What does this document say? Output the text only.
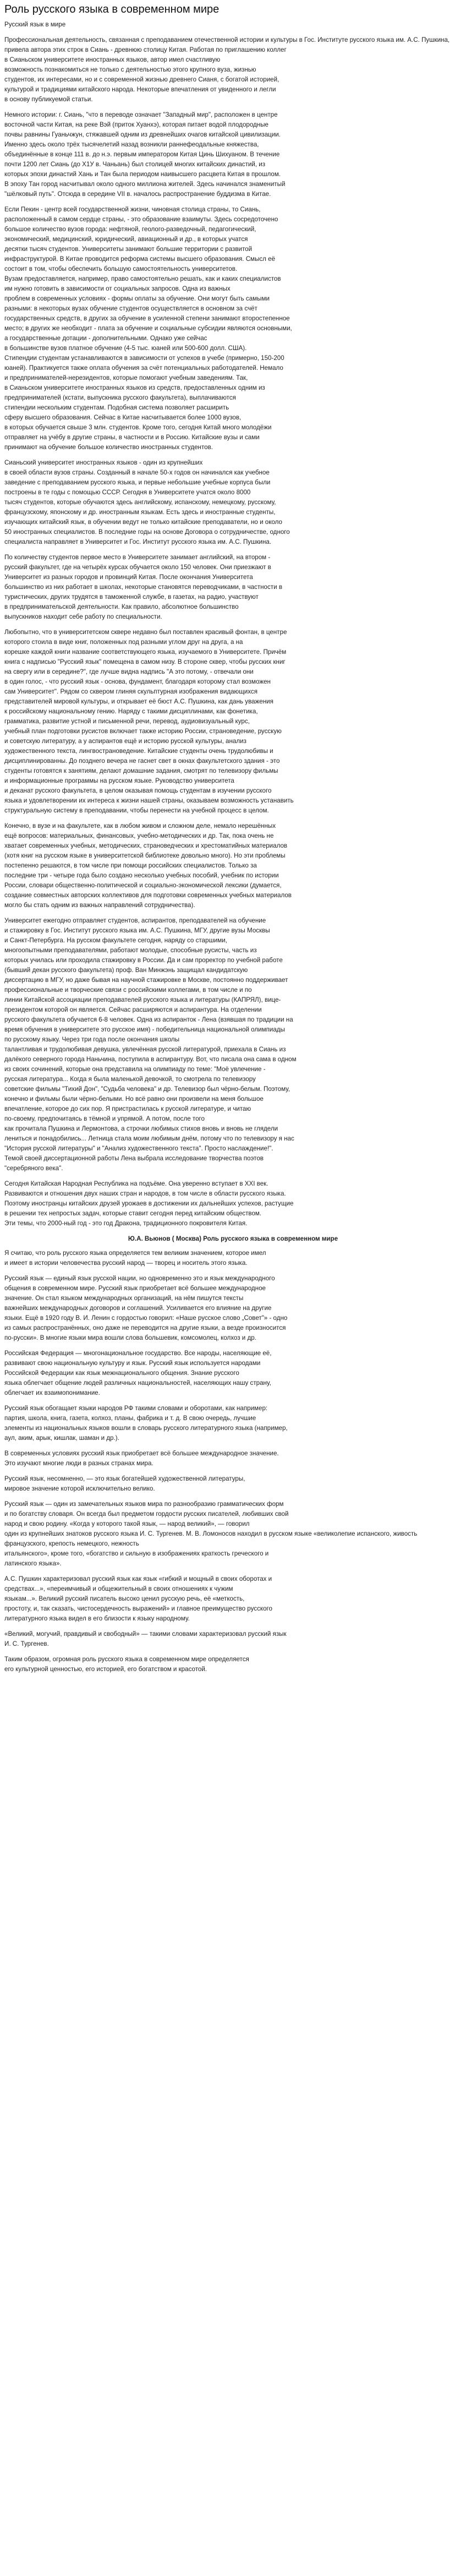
Роль русского языка в современном мире
Русский язык в мире

Профессиональная деятельность, связанная с преподаванием отечественной истории и культуры в Гос. Институте русского языка им. А.С. Пушкина, привела автора этих строк в Сиань - древнюю столицу Китая. Работая по приглашению коллег
в Сианьском университете иностранных языков, автор имел счастливую
возможность познакомиться не только с деятельностью этого крупного вуза, жизнью
студентов, их интересами, но и с современной жизнью древнего Сианя, с богатой историей,
культурой и традициями китайского народа. Некоторые впечатления от увиденного и легли
в основу публикуемой статьи.

Немного истории: г. Сиань, "что в переводе означает "Западный мир", расположен в центре
восточной части Китая, на реке Вэй (приток Хуанхэ), которая питает водой плодородные
почвы равнины Гуаньчжун, стяжавшей одним из древнейших очагов китайской цивилизации.
Именно здесь около трёх тысячелетий назад возникли раннефеодальные княжества,
объединённые в конце 111 в. до н.э. первым императором Китая Цинь Шихуаном. В течение
почти 1200 лет Сиань (до X1У в. Чаньань) был столицей многих китайских династий, из
которых эпохи династий Хань и Тан была периодом наивысшего расцвета Китая в прошлом.
В эпоху Тан город насчитывал около одного миллиона жителей. Здесь начинался знаменитый
"шёлковый путь". Отсюда в середине VII в. началось распространение буддизма в Китае.

Если Пекин - центр всей государственной жизни, чиновная столица страны, то Сиань,
расположенный в самом сердце страны, - это образование взаимуты. Здесь сосредоточено
большое количество вузов города: нефтяной, геолого-разведочный, педагогический,
экономический, медицинский, юридический, авиационный и др., в которых учатся
десятки тысяч студентов. Университеты занимают большие территории с развитой
инфраструктурой. В Китае проводится реформа системы высшего образования. Смысл её
состоит в том, чтобы обеспечить большую самостоятельность университетов.
Вузам предоставляется, например, право самостоятельно решать, как и каких специалистов
им нужно готовить в зависимости от социальных запросов. Одна из важных
проблем в современных условиях - формы оплаты за обучение. Они могут быть самыми
разными: в некоторых вузах обучение студентов осуществляется в основном за счёт
государственных средств, в других за обучение в усиленной степени занимают второстепенное
место; в других же необходит - плата за обучение и социальные субсидии являются основными,
а государственные дотации - дополнительными. Однако уже сейчас
в большинстве вузов платное обучение (4-5 тыс. юаней или 500-600 долл. США).
Стипендии студентам устанавливаются в зависимости от успехов в учебе (примерно, 150-200
юаней). Практикуется также оплата обучения за счёт потенциальных работодателей. Немало
и предпринимателей-нерезидентов, которые помогают учебным заведениям. Так,
в Сианьском университете иностранных языков из средств, предоставленных одним из
предпринимателей (кстати, выпускника русского факультета), выплачиваются
стипендии нескольким студентам. Подобная система позволяет расширить
сферу высшего образования. Сейчас в Китае насчитывается более 1000 вузов,
в которых обучается свыше 3 млн. студентов. Кроме того, сегодня Китай много молодёжи
отправляет на учёбу в другие страны, в частности и в Россию. Китайские вузы и сами
принимают на обучение большое количество иностранных студентов.

Сианьский университет иностранных языков - один из крупнейших
в своей области вузов страны. Созданный в начале 50-х годов он начинался как учебное
заведение с преподаванием русского языка, и первые небольшие учебные корпуса были
построены в те годы с помощью СССР. Сегодня в Университете учатся около 8000
тысяч студентов, которые обучаются здесь английскому, испанскому, немецкому, русскому,
французскому, японскому и др. иностранным языкам. Есть здесь и иностранные студенты,
изучающих китайский язык, в обучении ведут не только китайские преподаватели, но и около
50 иностранных специалистов. В последние годы на основе Договора о сотрудничестве, одного
специалиста направляет в Университет и Гос. Институт русского языка им. А.С. Пушкина.

По количеству студентов первое место в Университете занимает английский, на втором -
русский факультет, где на четырёх курсах обучается около 150 человек. Они приезжают в
Университет из разных городов и провинций Китая. После окончания Университета
большинство из них работает в школах, некоторые становятся переводчиками, в частности в
туристических, других трудятся в таможенной службе, в газетах, на радио, участвуют
в предпринимательской деятельности. Как правило, абсолютное большинство
выпускников находит себе работу по специальности.

Любопытно, что в университетском сквере недавно был поставлен красивый фонтан, в центре
которого стоила в виде книг, положенных под разными углом друг на друга, а на
корешке каждой книги название соответствующего языка, изучаемого в Университете. Причём
книга с надписью "Русский язык" помещена в самом низу. В стороне сквер, чтобы русских книг
на свергу или в середине?", где лучше видна надпись "А это потому, - отвечали они
в один голос, - что русский язык - основа, фундамент, благодаря которому стал возможен
сам Университет". Рядом со сквером глиняя скульптурная изображения видающихся
представителей мировой культуры, и открывает её бюст А.С. Пушкина, как дань уважения
к российскому национальному гению. Наряду с такими дисциплинами, как фонетика,
грамматика, развитие устной и письменной речи, перевод, аудиовизуальный курс,
учебный план подготовки русистов включает также историю России, страноведение, русскую
и советскую литературу, а у аспирантов ещё и историю русской культуры, анализ
художественного текста, лингвострановедение. Китайские студенты очень трудолюбивы и
дисциплинированны. До позднего вечера не гаснет свет в окнах факультетского здания - это
студенты готовятся к занятиям, делают домашние задания, смотрят по телевизору фильмы
и информационные программы на русском языке. Руководство университета
и деканат русского факультета, в целом оказывая помощь студентам в изучении русского
языка и удовлетворении их интереса к жизни нашей страны, оказываем возможность устанавить
структуральную систему в преподавании, чтобы перенести на учебной процесс в целом.

Конечно, в вузе и на факультете, как в любом живом и сложном деле, немало нерешённых
ещё вопросов: материальных, финансовых, учебно-методических и др. Так, пока очень не
хватает современных учебных, методических, страноведческих и хрестоматийных материалов
(хотя книг на русском языке в университетской библиотеке довольно много). Но эти проблемы
постепенно решаются, в том числе при помощи российских специалистов. Только за
последние три - четыре года было создано несколько учебных пособий, учебник по истории
России, словари общественно-политической и социально-экономической лексики (думается,
создание совместных авторских коллективов для подготовки современных учебных материалов
могло бы стать одним из важных направлений сотрудничества).

Университет ежегодно отправляет студентов, аспирантов, преподавателей на обучение
и стажировку в Гос. Институт русского языка им. А.С. Пушкина, МГУ, другие вузы Москвы
и Санкт-Петербурга. На русском факультете сегодня, наряду со старшими,
многоопытными преподавателями, работают молодые, способные русисты, часть из
которых училась или проходила стажировку в России. Да и сам проректор по учебной работе
(бывший декан русского факультета) проф. Ван Минжэнь защищал кандидатскую
диссертацию в МГУ, но даже бывая на научной стажировке в Москве, постоянно поддерживает
профессиональные и творческие связи с российскими коллегами, в том числе и по
линии Китайской ассоциации преподавателей русского языка и литературы (КАПРЯЛ), вице-
президентом которой он является. Сейчас расширяются и аспирантура. На отделении
русского факультета обучается 6-8 человек. Одна из аспиранток - Лена (взявшая по традиции на
время обучения в университете это русское имя) - победительница национальной олимпиады
по русскому языку. Через три года после окончания школы
талантливая и трудолюбивая девушка, увлечённая русской литературой, приехала в Сиань из
далёкого северного города Наньчина, поступила в аспирантуру. Вот, что писала она сама в одном
из своих сочинений, которые она представила на олимпиаду по теме: "Моё увлечение -
русская литература... Когда я была маленькой девочкой, то смотрела по телевизору
советские фильмы "Тихий Дон", "Судьба человека" и др. Телевизор был чёрно-белым. Поэтому,
конечно и фильмы были чёрно-белыми. Но всё равно они произвели на меня большое
впечатление, которое до сих пор. Я пристрастилась к русской литературе, и читаю
по-своему, предпочитаясь в тёмной и упрямой. А потом, после того
как прочитала Пушкина и Лермонтова, а строчки любимых стихов вновь и вновь не глядели
лениться и понадобились... Летница стала моим любимым днём, потому что по телевизору я нас
"История русской литературы" и "Анализ художественного текста". Просто наслаждение!".
Темой своей диссертационной работы Лена выбрала исследование творчества поэтов
"серебряного века".

Сегодня Китайская Народная Республика на подъёме. Она уверенно вступает в XXI век.
Развиваются и отношения двух наших стран и народов, в том числе в области русского языка.
Поэтому иностранцы китайских друзей урожаев в достижении их дальнейших успехов, растущие
в решении тех непростых задач, которые ставит сегодня перед китайским обществом.
Эти темы, что 2000-ный год - это год Дракона, традиционного покровителя Китая.

Ю.А. Вьюнов ( Москва) Роль русского языка в современном мире

Я считаю, что роль русского языка определяется тем великим значением, которое имел
и имеет в истории человечества русский народ — творец и носитель этого языка.

Русский язык — единый язык русской нации, но одновременно это и язык международного
общения в современном мире. Русский язык приобретает всё большее международное
значение. Он стал языком международных организаций, на нём пишутся тексты
важнейших международных договоров и соглашений. Усиливается его влияние на другие
языки. Ещё в 1920 году В. И. Ленин с гордостью говорил: «Наше русское слово „Совет"» - одно
из самых распространённых, оно даже не переводится на другие языки, а везде произносится
по-русски». В многие языки мира вошли слова большевик, комсомолец, колхоз и др.

Российская Федерация — многонациональное государство. Все народы, населяющие её,
развивают свою национальную культуру и язык. Русский язык используется народами
Российской Федерации как язык межнационального общения. Знание русского
языка облегчает общение людей различных национальностей, населяющих нашу страну,
облегчает их взаимопонимание.

Русский язык обогащает языки народов РФ такими словами и оборотами, как например:
партия, школа, книга, газета, колхоз, планы, фабрика и т. д. В свою очередь, лучшие
элементы из национальных языков вошли в словарь русского литературного языка (например,
аул, аким, арык, кишлак, шаман и др.).

В современных условиях русский язык приобретает всё большее международное значение.
Это изучают многие люди в разных странах мира.

Русский язык, несомненно, — это язык богатейшей художественной литературы,
мировое значение которой исключительно велико.

Русский язык — один из замечательных языков мира по разнообразию грамматических форм
и по богатству словаря. Он всегда был предметом гордости русских писателей, любивших свой
народ и свою родину. «Когда у которого такой язык, — народ великий», — говорил
один из крупнейших знатоков русского языка И. С. Тургенев. М. В. Ломоносов находил в русском языке «великолепие испанского, живость французского, крепость немецкого, нежность
итальянского», кроме того, «богатство и сильную в изображениях краткость греческого и
латинского языка».

А.С. Пушкин характеризовал русский язык как язык «гибкий и мощный в своих оборотах и
средствах...», «переимчивый и общежительный в своих отношениях к чужим
языкам...». Великий русский писатель высоко ценил русскую речь, её «меткость,
простоту, и, так сказать, чистосердечность выражений» и главное преимущество русского
литературного языка видел в его близости к языку народному.

«Великий, могучий, правдивый и свободный» — такими словами характеризовал русский язык
И. С. Тургенев.

Таким образом, огромная роль русского языка в современном мире определяется
его культурной ценностью, его историей, его богатством и красотой.
